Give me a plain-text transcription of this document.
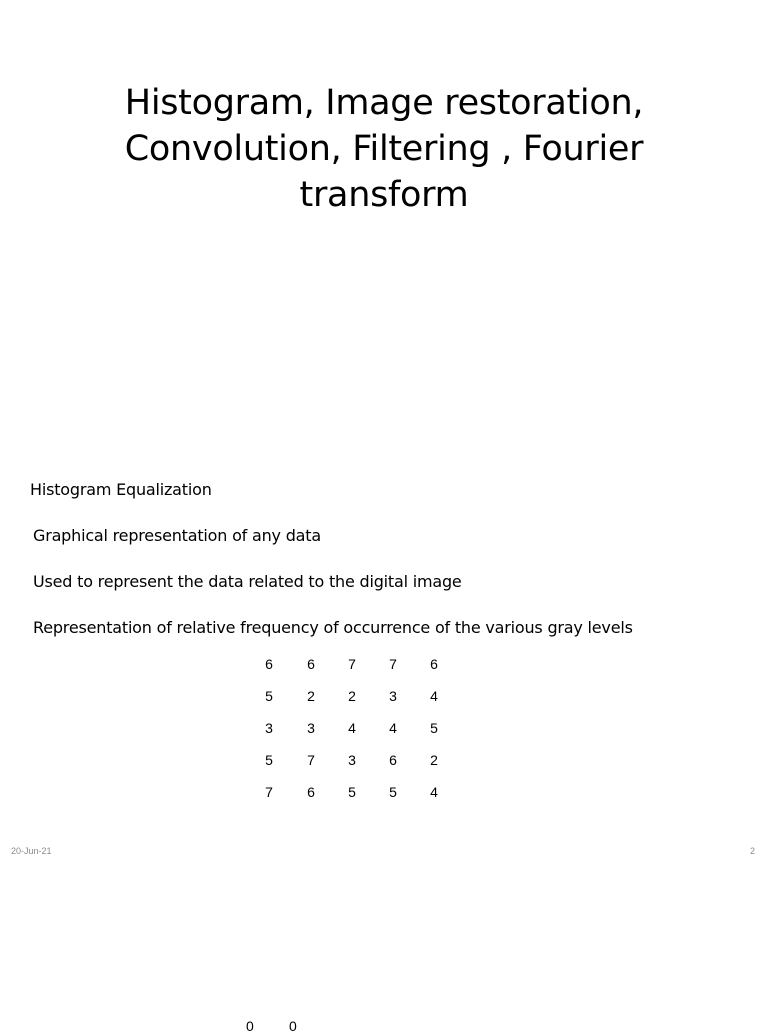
Histogram, Image restoration,
Convolution, Filtering , Fourier
transform
Histogram Equalization
Graphical representation of any data
Used to represent the data related to the digital image
Representation of relative frequency of occurrence of the various gray levels
6	6	7	7	6
5	2	2	3	4
3	3	4	4	5
5	7	3	6	2
7	6	5	5	4
20-Jun-21	2
0	0
